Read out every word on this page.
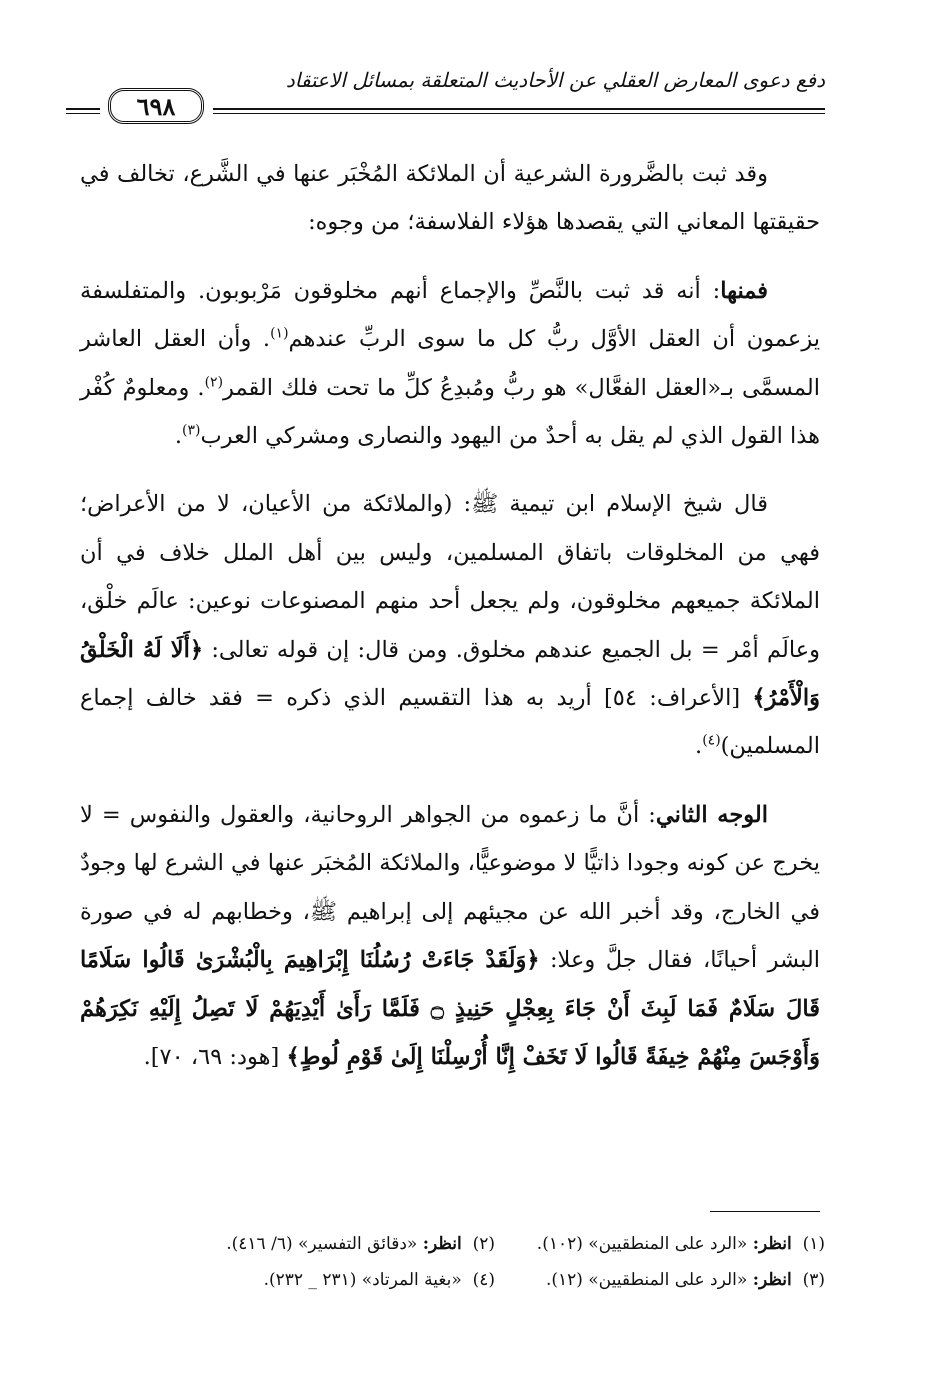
دفع دعوى المعارض العقلي عن الأحاديث المتعلقة بمسائل الاعتقاد
٦٩٨

وقد ثبت بالضَّرورة الشرعية أن الملائكة المُخْبَر عنها في الشَّرع، تخالف في حقيقتها المعاني التي يقصدها هؤلاء الفلاسفة؛ من وجوه:

فمنها: أنه قد ثبت بالنَّصِّ والإجماع أنهم مخلوقون مَرْبوبون. والمتفلسفة يزعمون أن العقل الأوَّل ربُّ كل ما سوى الربِّ عندهم$^{(١)}$. وأن العقل العاشر المسمَّى بـ«العقل الفعَّال» هو ربُّ ومُبدِعُ كلِّ ما تحت فلك القمر$^{(٢)}$. ومعلومٌ كُفْر هذا القول الذي لم يقل به أحدٌ من اليهود والنصارى ومشركي العرب$^{(٣)}$.

قال شيخ الإسلام ابن تيمية ﷺ: (والملائكة من الأعيان، لا من الأعراض؛ فهي من المخلوقات باتفاق المسلمين، وليس بين أهل الملل خلاف في أن الملائكة جميعهم مخلوقون، ولم يجعل أحد منهم المصنوعات نوعين: عالَم خلْق، وعالَم أمْر = بل الجميع عندهم مخلوق. ومن قال: إن قوله تعالى: ﴿أَلَا لَهُ الْخَلْقُ وَالْأَمْرُ﴾ [الأعراف: ٥٤] أريد به هذا التقسيم الذي ذكره = فقد خالف إجماع المسلمين)$^{(٤)}$.

الوجه الثاني: أنَّ ما زعموه من الجواهر الروحانية، والعقول والنفوس = لا يخرج عن كونه وجودا ذاتيًّا لا موضوعيًّا، والملائكة المُخبَر عنها في الشرع لها وجودٌ في الخارج، وقد أخبر الله عن مجيئهم إلى إبراهيم ﷺ، وخطابهم له في صورة البشر أحيانًا، فقال جلَّ وعلا: ﴿وَلَقَدْ جَاءَتْ رُسُلُنَا إِبْرَاهِيمَ بِالْبُشْرَىٰ قَالُوا سَلَامًا قَالَ سَلَامٌ فَمَا لَبِثَ أَنْ جَاءَ بِعِجْلٍ حَنِيذٍ ۝ فَلَمَّا رَأَىٰ أَيْدِيَهُمْ لَا تَصِلُ إِلَيْهِ نَكِرَهُمْ وَأَوْجَسَ مِنْهُمْ خِيفَةً قَالُوا لَا تَخَفْ إِنَّا أُرْسِلْنَا إِلَىٰ قَوْمِ لُوطٍ﴾ [هود: ٦٩، ٧٠].

(١)  انظر: «الرد على المنطقيين» (١٠٢).
(٢)  انظر: «دقائق التفسير» (٦/ ٤١٦).
(٣)  انظر: «الرد على المنطقيين» (١٢).
(٤)  «بغية المرتاد» (٢٣١ _ ٢٣٢).
